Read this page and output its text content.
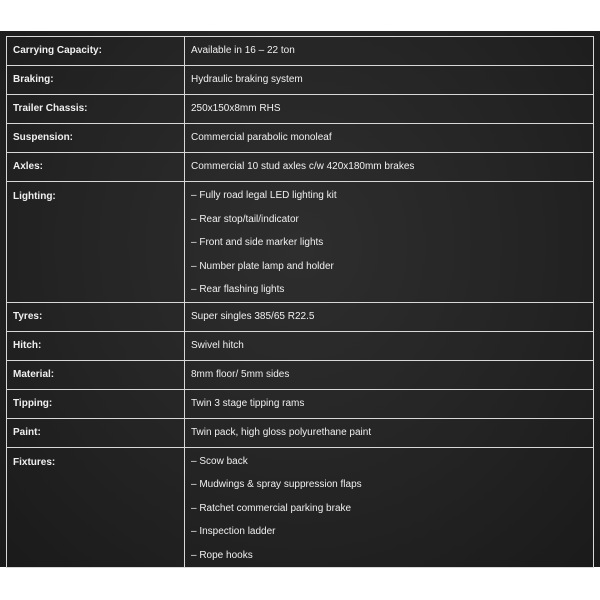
Carrying Capacity:	Available in 16 – 22 ton

Braking:	Hydraulic braking system

Trailer Chassis:	250x150x8mm RHS

Suspension:	Commercial parabolic monoleaf

Axles:	Commercial 10 stud axles c/w 420x180mm brakes

Lighting:	– Fully road legal LED lighting kit
– Rear stop/tail/indicator
– Front and side marker lights
– Number plate lamp and holder
– Rear flashing lights

Tyres:	Super singles 385/65 R22.5

Hitch:	Swivel hitch

Material:	8mm floor/ 5mm sides

Tipping:	Twin 3 stage tipping rams

Paint:	Twin pack, high gloss polyurethane paint

Fixtures:	– Scow back
– Mudwings & spray suppression flaps
– Ratchet commercial parking brake
– Inspection ladder
– Rope hooks
